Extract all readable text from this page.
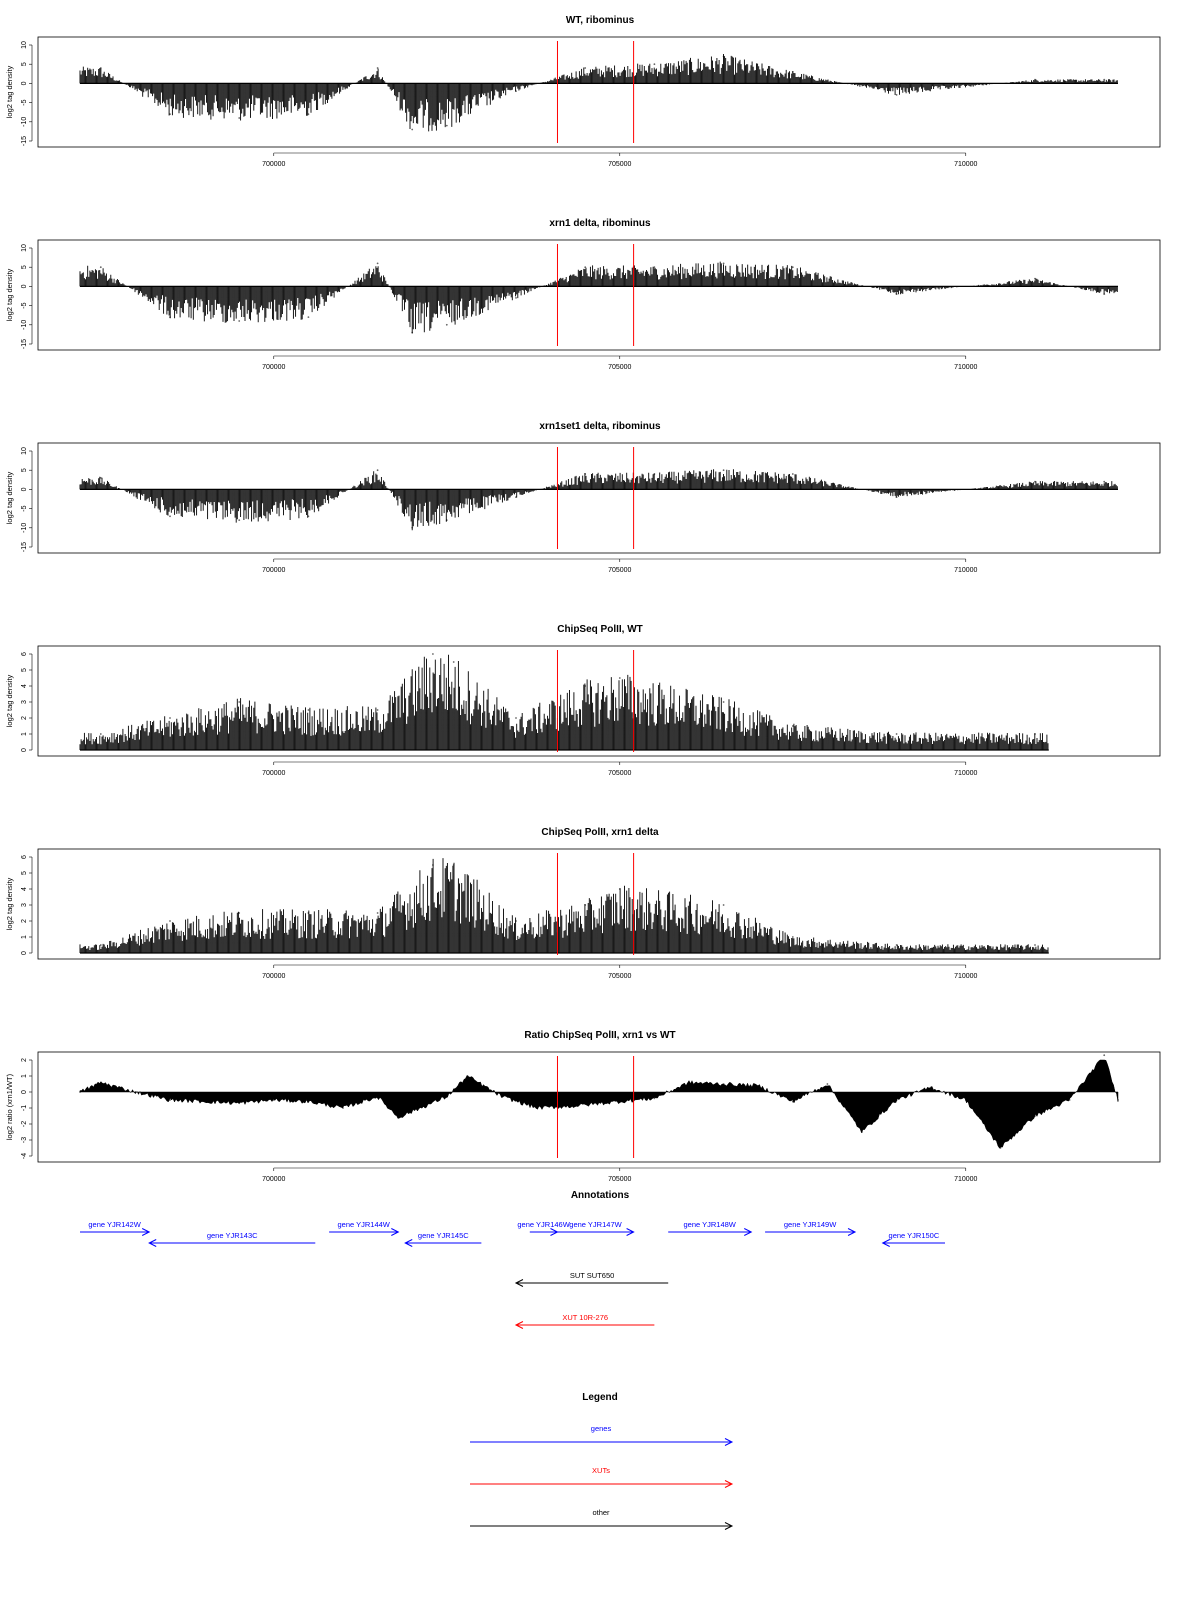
WT, ribominus
-15
-10
-5
0
5
10
log2 tag density
700000	705000	710000
xrn1 delta, ribominus
-15
-10
-5
0
5
10
log2 tag density
700000	705000	710000
xrn1set1 delta, ribominus
-15
-10
-5
0
5
10
log2 tag density
700000	705000	710000
ChipSeq PolII, WT
0
1
2
3
4
5
6
log2 tag density
700000	705000	710000
ChipSeq PolII, xrn1 delta
0
1
2
3
4
5
6
log2 tag density
700000	705000	710000
Ratio ChipSeq PolII, xrn1 vs WT
-4
-3
-2
-1
0
1
2
log2 ratio (xrn1/WT)
700000	705000	710000
Annotations
gene YJR142W
gene YJR143C
gene YJR144W
gene YJR145C
gene YJR146W gene YJR147W	gene YJR148W	gene YJR149W
gene YJR150C
SUT SUT650
XUT 10R-276
Legend
genes
XUTs
other
